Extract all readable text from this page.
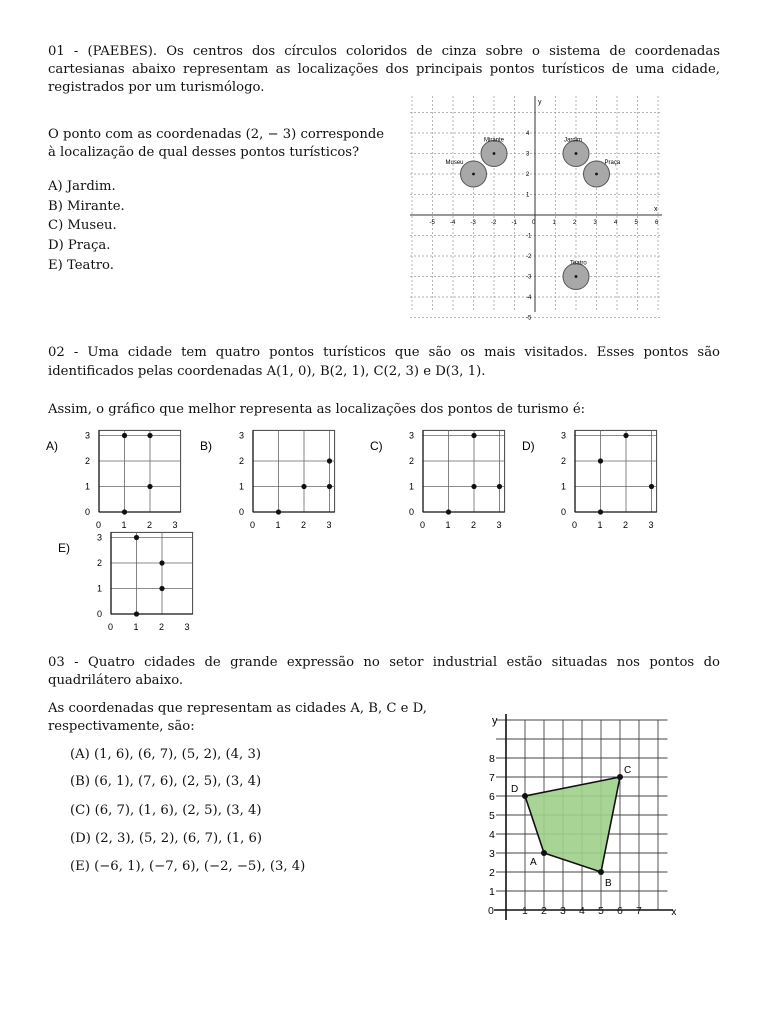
01 - (PAEBES). Os centros dos círculos coloridos de cinza sobre o sistema de coordenadas cartesianas abaixo representam as localizações dos principais pontos turísticos de uma cidade, registrados por um turismólogo.

O ponto com as coordenadas (2, − 3) corresponde à localização de qual desses pontos turísticos?

A) Jardim.
B) Mirante.
C) Museu.
D) Praça.
E) Teatro.
x
y
-5	-4	-3	-2	-1	0	1	2	3	4	5	6
4
3
2
1
-1
-2
-3
-4
-5
Museu
Mirante	Jardim
Praça
Teatro

02 - Uma cidade tem quatro pontos turísticos que são os mais visitados. Esses pontos são identificados pelas coordenadas A(1, 0), B(2, 1), C(2, 3) e D(3, 1).

Assim, o gráfico que melhor representa as localizações dos pontos de turismo é:

A)
0
0
1
1
2
2
3
3
B)
0
0
1
1
2
2
3
3
C)
0
0
1
1
2
2
3
3
D)
0
0
1
1
2
2
3
3
E)
0
0
1
1
2
2
3
3

03 - Quatro cidades de grande expressão no setor industrial estão situadas nos pontos do quadrilátero abaixo.

As coordenadas que representam as cidades A, B, C e D, respectivamente, são:

(A) (1, 6), (6, 7), (5, 2), (4, 3)
(B) (6, 1), (7, 6), (2, 5), (3, 4)
(C) (6, 7), (1, 6), (2, 5), (3, 4)
(D) (2, 3), (5, 2), (6, 7), (1, 6)
(E) (−6, 1), (−7, 6), (−2, −5), (3, 4)
x
y
0	1 2 3 4 5 6 7
1
2
3
4
5
6
7
8
A
B
C
D
